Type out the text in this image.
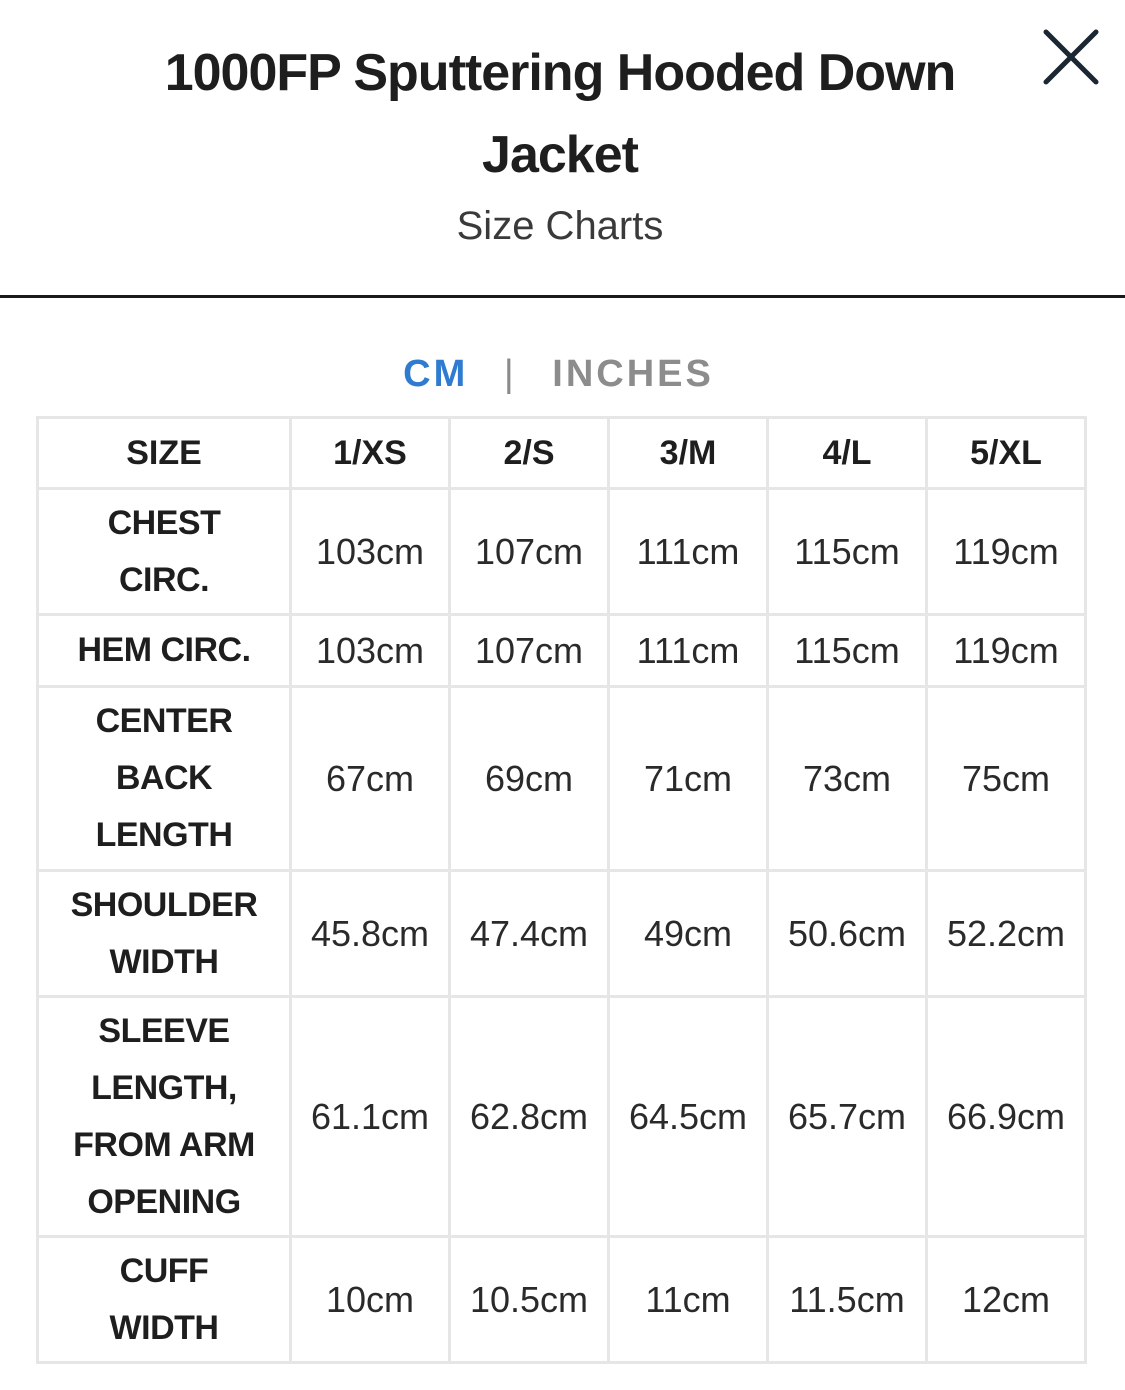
1000FP Sputtering Hooded Down Jacket
Size Charts
CM | INCHES
SIZE	1/XS	2/S	3/M	4/L	5/XL

CHEST CIRC.	103cm	107cm	111cm	115cm	119cm
HEM CIRC.	103cm	107cm	111cm	115cm	119cm

CENTER BACK LENGTH	67cm	69cm	71cm	73cm	75cm

SHOULDER WIDTH	45.8cm	47.4cm	49cm	50.6cm	52.2cm

SLEEVE LENGTH, FROM ARM OPENING	61.1cm	62.8cm	64.5cm	65.7cm	66.9cm

CUFF WIDTH	10cm	10.5cm	11cm	11.5cm	12cm
